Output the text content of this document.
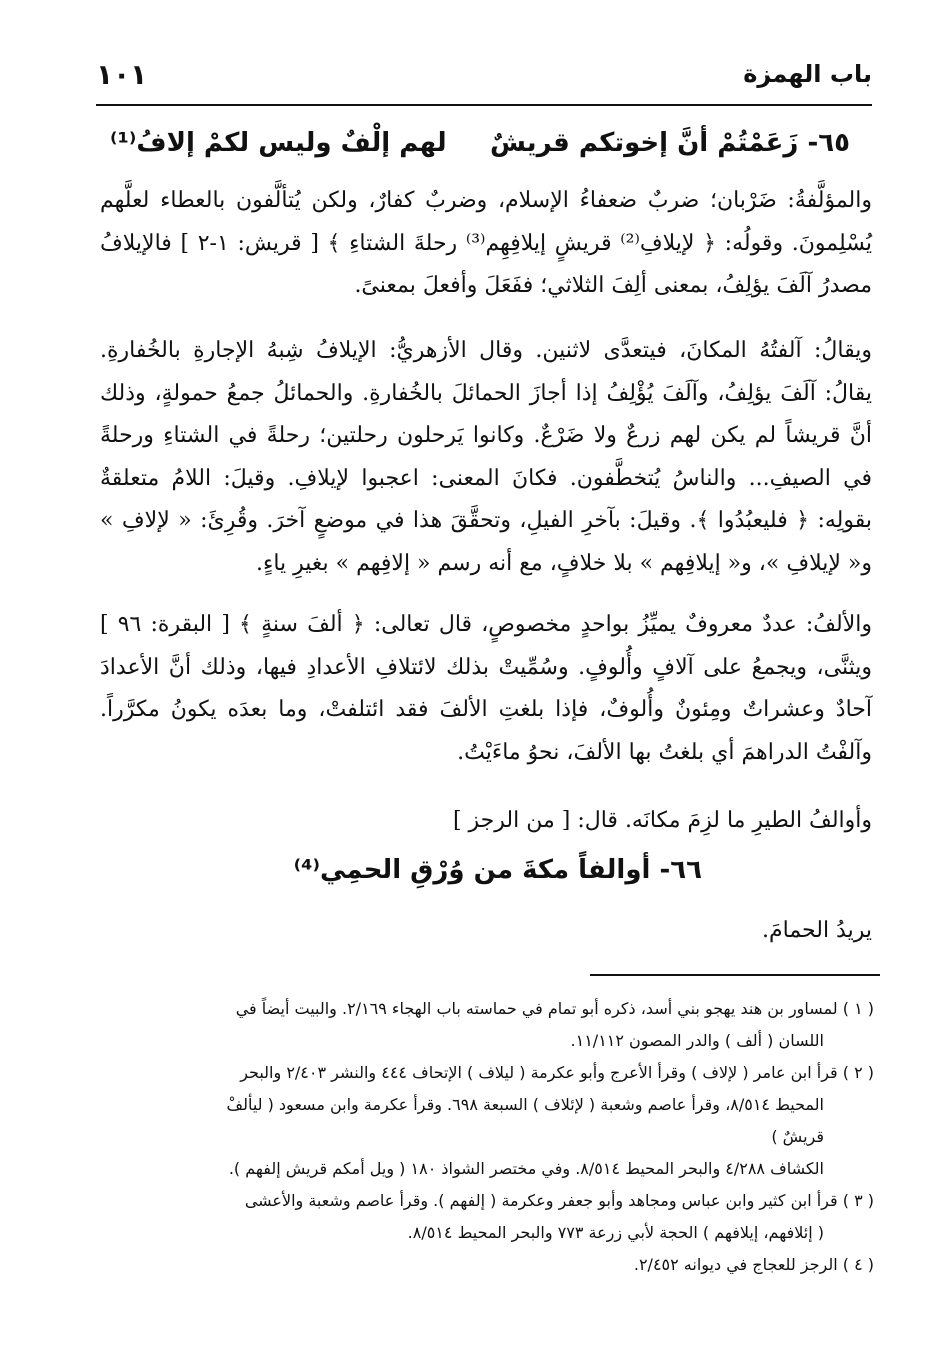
باب الهمزة
١٠١
٦٥- زَعَمْتُمْ أنَّ إخوتكم قريشٌ
لهم إلْفٌ وليس لكمْ إلافُ⁽¹⁾

والمؤلَّفةُ: ضَرْبان؛ ضربٌ ضعفاءُ الإسلام، وضربٌ كفارٌ، ولكن يُتألَّفون بالعطاء لعلَّهم يُسْلِمونَ. وقولُه: ﴿ لإيلافِ⁽²⁾ قريشٍ إيلافِهِم⁽³⁾ رحلةَ الشتاءِ ﴾ [ قريش: ١-٢ ] فالإيلافُ مصدرُ آلَفَ يؤلِفُ، بمعنى ألِفَ الثلاثي؛ ففَعَلَ وأفعلَ بمعنىً.

ويقالُ: آلفتُهُ المكانَ، فيتعدَّى لاثنين. وقال الأزهريُّ: الإيلافُ شِبهُ الإجارةِ بالخُفارةِ. يقالُ: آلَفَ يؤلِفُ، وآلَفَ يُؤْلِفُ إذا أجازَ الحمائلَ بالخُفارةِ. والحمائلُ جمعُ حمولةٍ، وذلك أنَّ قريشاً لم يكن لهم زرعٌ ولا ضَرْعٌ. وكانوا يَرحلون رحلتين؛ رحلةً في الشتاءِ ورحلةً في الصيفِ... والناسُ يُتخطَّفون. فكانَ المعنى: اعجبوا لإيلافِ. وقيلَ: اللامُ متعلقةٌ بقولِه: ﴿ فليعبُدُوا ﴾. وقيلَ: بآخرِ الفيلِ، وتحقَّقَ هذا في موضعٍ آخرَ. وقُرِئَ: « لإلافِ » و« لإيلافِ »، و« إيلافِهم » بلا خلافٍ، مع أنه رسم « إلافِهم » بغيرِ ياءٍ.

والألفُ: عددٌ معروفٌ يميِّزُ بواحدٍ مخصوصٍ، قال تعالى: ﴿ ألفَ سنةٍ ﴾ [ البقرة: ٩٦ ] ويثنَّى، ويجمعُ على آلافٍ وأُلوفٍ. وسُمِّيتْ بذلك لائتلافِ الأعدادِ فيها، وذلك أنَّ الأعدادَ آحادٌ وعشراتٌ ومِئونٌ وأُلوفٌ، فإذا بلغتِ الألفَ فقد ائتلفتْ، وما بعدَه يكونُ مكرَّراً. وآلفْتُ الدراهمَ أي بلغتُ بها الألفَ، نحوُ ماءَيْتُ.

وأوالفُ الطيرِ ما لزِمَ مكانَه. قال: [ من الرجز ]

٦٦- أوالفاً مكةَ من وُرْقِ الحمِي⁽⁴⁾

يريدُ الحمامَ.

( ١ ) لمساور بن هند يهجو بني أسد، ذكره أبو تمام في حماسته باب الهجاء ٢/١٦٩. والبيت أيضاً في

اللسان ( ألف ) والدر المصون ١١/١١٢.

( ٢ ) قرأ ابن عامر ( لإلاف ) وقرأ الأعرج وأبو عكرمة ( ليلاف ) الإتحاف ٤٤٤ والنشر ٢/٤٠٣ والبحر

المحيط ٨/٥١٤، وقرأ عاصم وشعبة ( لإئلاف ) السبعة ٦٩٨. وقرأ عكرمة وابن مسعود ( ليألفْ

قريشٌ )

الكشاف ٤/٢٨٨ والبحر المحيط ٨/٥١٤. وفي مختصر الشواذ ١٨٠ ( ويل أمكم قريش إلفهم ).

( ٣ ) قرأ ابن كثير وابن عباس ومجاهد وأبو جعفر وعكرمة ( إلفهم ). وقرأ عاصم وشعبة والأعشى

( إئلافهم، إيلافهم ) الحجة لأبي زرعة ٧٧٣ والبحر المحيط ٨/٥١٤.

( ٤ ) الرجز للعجاج في ديوانه ٢/٤٥٢.
